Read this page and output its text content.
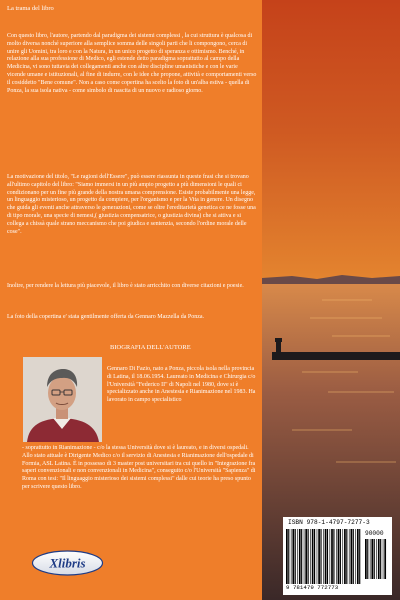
La trama del libro

Con questo libro, l'autore, partendo dal paradigma dei sistemi complessi , la cui struttura è qualcosa di molto diversa nonché superiore alla semplice somma delle singoli parti che li compongono, cerca di unire gli Uomini, tra loro e con la Natura, in un unico progetto di speranza e ottimismo. Benché, in relazione alla sua professione di Medico, egli estende detto paradigma soprattutto al campo della Medicina, vi sono tuttavia dei collegamenti anche con altre discipline umanistiche e con le varie vicende umane e istituzionali, al fine di indurre, con le idee che propone, attività e comportamenti verso il cosiddetto "Bene comune". Non a caso come copertina ha scelto la foto di un'alba estiva - quella di Ponza, la sua isola nativa - come simbolo di nascita di un nuovo e radioso giorno.

La motivazione del titolo, "Le ragioni dell'Essere", può essere riassunta in queste frasi che si trovano all'ultimo capitolo del libro: "Siamo immersi in un più ampio progetto a più dimensioni le quali ci condizionano per un fine più grande della nostra umana comprensione. Esiste probabilmente una legge, un linguaggio misterioso, un progetto da compiere, per l'organismo e per la Vita in genere. Un disegno che guida gli eventi anche attraverso le generazioni, come se oltre l'ereditarietà genetica ce ne fosse una di tipo morale, una specie di nemesi,( giustizia compensatrice, o giustizia divina) che si attiva e si collega a chissà quale strano meccanismo che poi giudica e sentenzia, secondo l'ordine morale delle cose".

Inoltre, per rendere la lettura più piacevole, il libro è stato arricchito con diverse citazioni e poesie.

La foto della copertina e' stata gentilmente offerta da Gennaro Mazzella da Ponza.

BIOGRAFIA DELL'AUTORE

Gennaro Di Fazio, nato a Ponza, piccola isola nella provincia di Latina, il 18.06.1954. Laureato in Medicina e Chirurgia c/o l'Università "Federico II" di Napoli nel 1980, dove si è specializzato anche in Anestesia e Rianimazione nel 1983. Ha lavorato in campo specialistico

- soprattutto in Rianimazione - c/o la stessa Università dove si è laureato, e in diversi ospedali. Allo stato attuale è Dirigente Medico c/o il servizio di Anestesia e Rianimazione dell'ospedale di Formia, ASL Latina. È in possesso di 3 master post universitari tra cui quello in "Integrazione fra saperi convenzionali e non convenzionali in Medicina", conseguito c/o l'Università "Sapienza" di Roma con tesi: "Il linguaggio misterioso dei sistemi complessi" dalle cui teorie ha preso spunto per scrivere questo libro.

Xlibris
ISBN 978-1-4797-7277-3
90000
9 781479 772773
